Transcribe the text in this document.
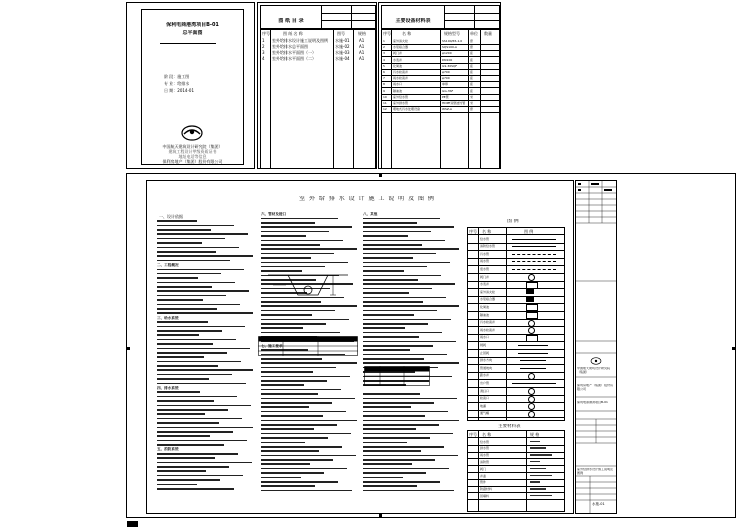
保利电商港湾项目B-01
总平面图
阶 段：施工图
专 业：给排水
日 期：2014-01
中国航天建筑设计研究院（集团）
建筑工程设计甲级资质证书
地址电话等信息
保利房地产（集团）股份有限公司
图 纸 目 录
序号	图 纸 名 称	图号	规格
1 室外给排水设计施工说明及图例	水施-01 A1
2 室外给排水总平面图	水施-02 A1
3 室外给排水平面图（一）	水施-03 A1
4 室外给排水平面图（二）	水施-04 A1
主要设备材料表
序号	名 称	规格型号	单位 数量
1	室外消火栓	SS100/65-1.0	套
2	水泵接合器	SQS100-A	套
3	阀门井	φ1200	座
4	水表井	DN100	座
5	化粪池	G9-30SQF	座
6	污水检查井	φ700	座
7	雨水检查井	φ700	座
8	雨水口	单箅	座
9	隔油池	GG-3SF	座
10	室外给水管	PE管	米
11	室外排水管	HDPE双壁波纹管	米
12	埋地式污水处理设备	WSZ-A	套
室 外 给 排 水 设 计 施 工 说 明 及 图 例
一、设计依据
二、工程概况
三、给水系统
四、排水系统
五、消防系统
六、管材及接口
七、施工要求
八、其他
图 例
序号 名 称	图 例
给水管
消防给水管
污水管
雨水管
废水管
阀门井
水表井
室外消火栓
水泵接合器
化粪池
隔油池
污水检查井
雨水检查井
雨水口
闸阀
止回阀
排水方向
管道坡向
跌水井
出户管
清扫口
检查口
地漏
通气帽
主要材料表
序号 名 称	规 格
给水管
排水管
雨水管
消防管
阀门
井盖
管件
防腐材料
回填料
中国航天建筑设计研究院（集团）
保利房地产（集团）股份有限公司
保利电商港湾项目B-01
室外给排水设计施工说明及图例
水施-01
